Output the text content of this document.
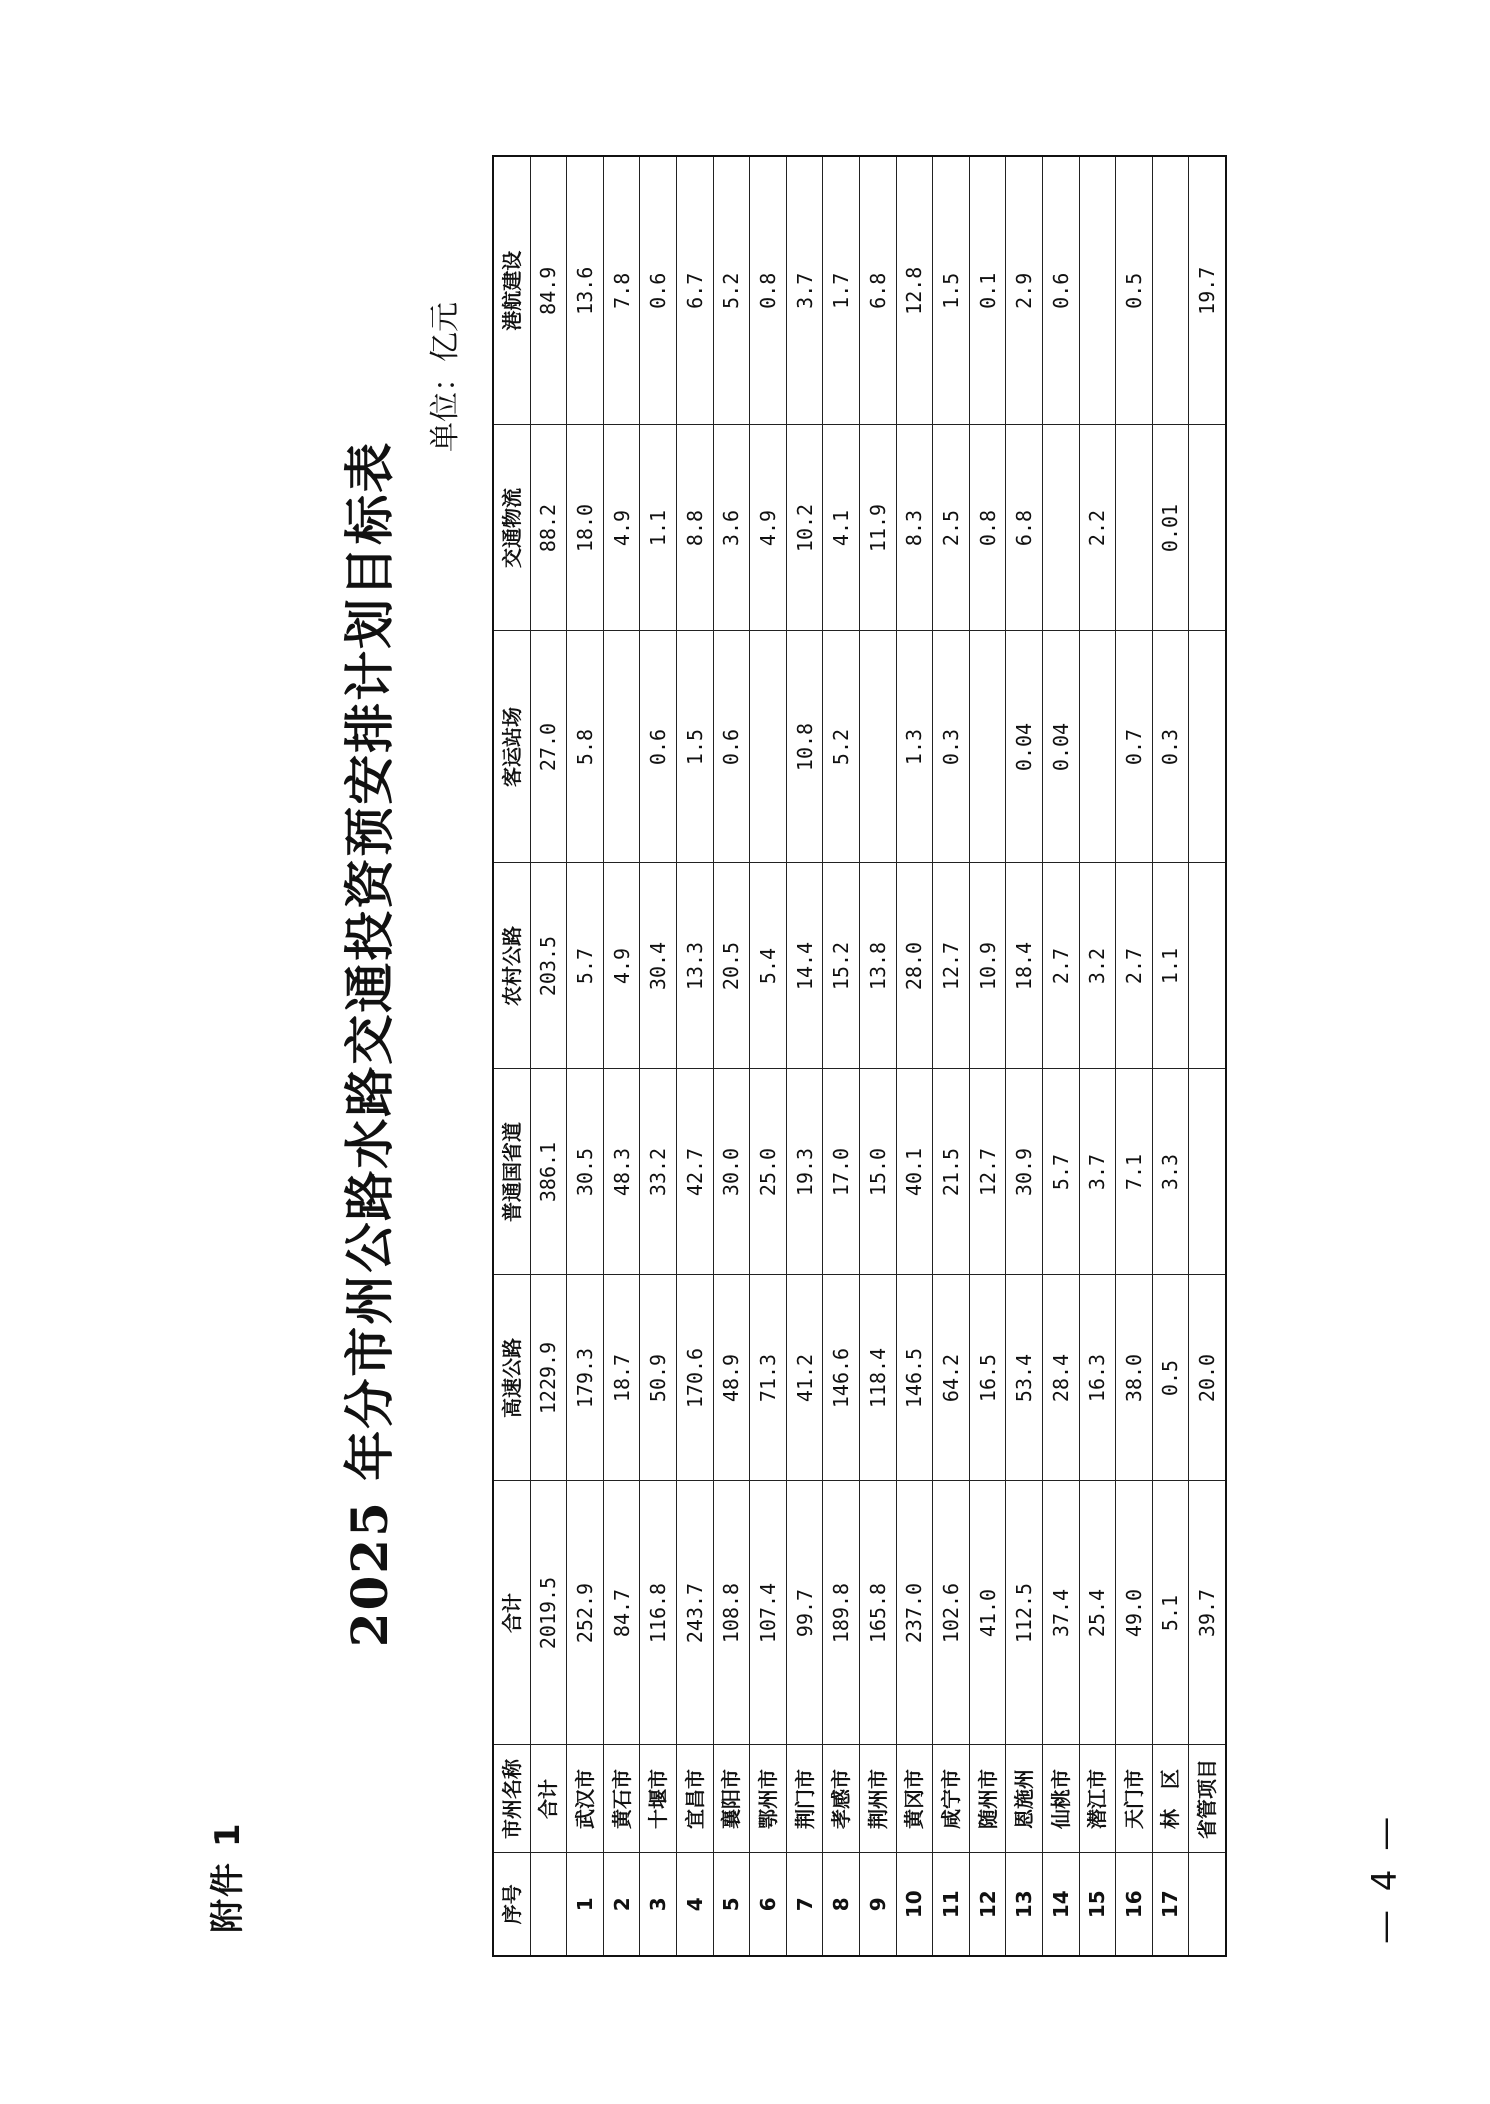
附件 1
2025 年分市州公路水路交通投资预安排计划目标表
单位：亿元
序号	市州名称	合计	高速公路	普通国省道	农村公路	客运站场	交通物流	港航建设
	合计	2019.5	1229.9	386.1	203.5	27.0	88.2	84.9
1	武汉市	252.9	179.3	30.5	5.7	5.8	18.0	13.6
2	黄石市	84.7	18.7	48.3	4.9		4.9	7.8
3	十堰市	116.8	50.9	33.2	30.4	0.6	1.1	0.6
4	宜昌市	243.7	170.6	42.7	13.3	1.5	8.8	6.7
5	襄阳市	108.8	48.9	30.0	20.5	0.6	3.6	5.2
6	鄂州市	107.4	71.3	25.0	5.4		4.9	0.8
7	荆门市	99.7	41.2	19.3	14.4	10.8	10.2	3.7
8	孝感市	189.8	146.6	17.0	15.2	5.2	4.1	1.7
9	荆州市	165.8	118.4	15.0	13.8		11.9	6.8
10	黄冈市	237.0	146.5	40.1	28.0	1.3	8.3	12.8
11	咸宁市	102.6	64.2	21.5	12.7	0.3	2.5	1.5
12	随州市	41.0	16.5	12.7	10.9		0.8	0.1
13	恩施州	112.5	53.4	30.9	18.4	0.04	6.8	2.9
14	仙桃市	37.4	28.4	5.7	2.7	0.04		0.6
15	潜江市	25.4	16.3	3.7	3.2		2.2	
16	天门市	49.0	38.0	7.1	2.7	0.7		0.5
17	林　区	5.1	0.5	3.3	1.1	0.3	0.01	
	省管项目	39.7	20.0					19.7
— 4 —
